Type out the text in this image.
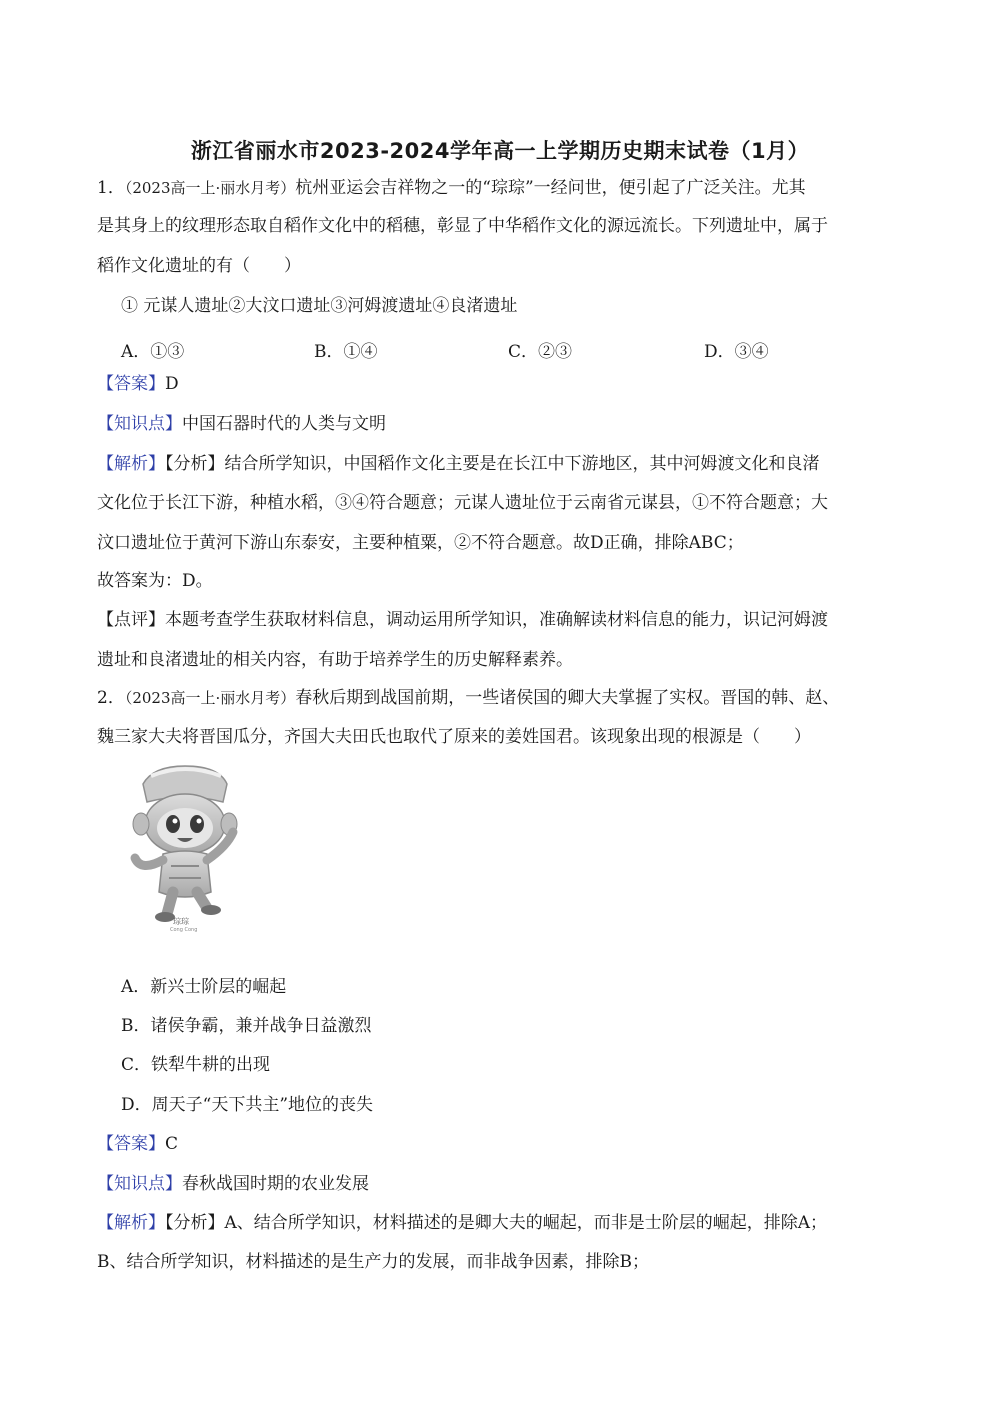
浙江省丽水市2023-2024学年高一上学期历史期末试卷（1月）
1．（2023高一上·丽水月考）杭州亚运会吉祥物之一的“琮琮”一经问世，便引起了广泛关注。尤其
是其身上的纹理形态取自稻作文化中的稻穗，彰显了中华稻作文化的源远流长。下列遗址中，属于
稻作文化遗址的有（　　）
① 元谋人遗址②大汶口遗址③河姆渡遗址④良渚遗址
A．①③	B．①④	C．②③	D．③④
【答案】D
【知识点】中国石器时代的人类与文明
【解析】【分析】结合所学知识，中国稻作文化主要是在长江中下游地区，其中河姆渡文化和良渚
文化位于长江下游，种植水稻，③④符合题意；元谋人遗址位于云南省元谋县，①不符合题意；大
汶口遗址位于黄河下游山东泰安，主要种植粟，②不符合题意。故D正确，排除ABC；
故答案为：D。
【点评】本题考查学生获取材料信息，调动运用所学知识，准确解读材料信息的能力，识记河姆渡
遗址和良渚遗址的相关内容，有助于培养学生的历史解释素养。
2．（2023高一上·丽水月考）春秋后期到战国前期，一些诸侯国的卿大夫掌握了实权。晋国的韩、赵、
魏三家大夫将晋国瓜分，齐国大夫田氏也取代了原来的姜姓国君。该现象出现的根源是（　　）
琮琮
Cong Cong
A．新兴士阶层的崛起
B．诸侯争霸，兼并战争日益激烈
C．铁犁牛耕的出现
D．周天子“天下共主”地位的丧失
【答案】C
【知识点】春秋战国时期的农业发展
【解析】【分析】A、结合所学知识，材料描述的是卿大夫的崛起，而非是士阶层的崛起，排除A；
B、结合所学知识，材料描述的是生产力的发展，而非战争因素，排除B；
